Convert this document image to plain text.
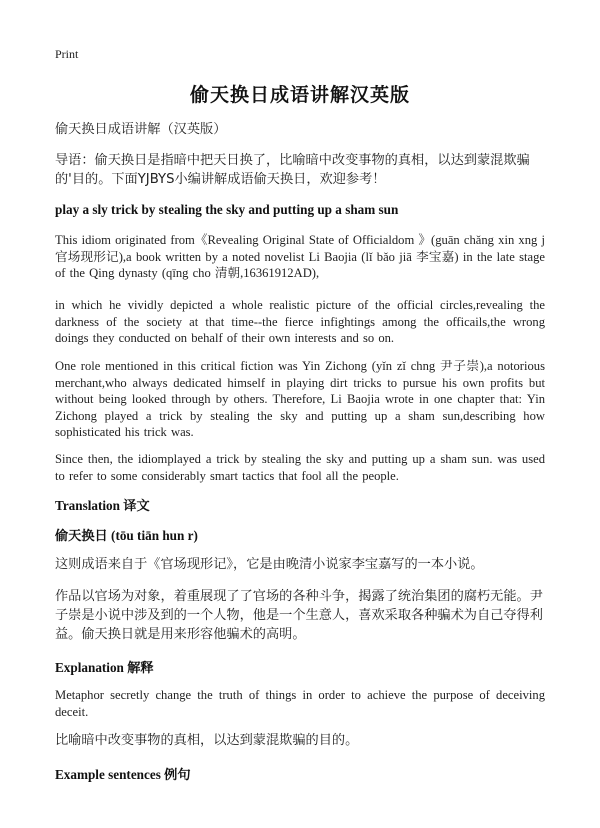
Print
偷天换日成语讲解汉英版

偷天换日成语讲解（汉英版）

导语：偷天换日是指暗中把天日换了，比喻暗中改变事物的真相，以达到蒙混欺骗的'目的。下面YJBYS小编讲解成语偷天换日，欢迎参考！

play a sly trick by stealing the sky and putting up a sham sun

This idiom originated from《Revealing Original State of Officialdom 》(guān chǎng xin xng j官场现形记),a book written by a noted novelist Li Baojia (lǐ bǎo jiā 李宝嘉) in the late stage of the Qing dynasty (qīng cho 清朝,16361912AD),

in which he vividly depicted a whole realistic picture of the official circles,revealing the darkness of the society at that time--the fierce infightings among the officails,the wrong doings they conducted on behalf of their own interests and so on.

One role mentioned in this critical fiction was Yin Zichong (yǐn zǐ chng 尹子崇),a notorious merchant,who always dedicated himself in playing dirt tricks to pursue his own profits but without being looked through by others. Therefore, Li Baojia wrote in one chapter that: Yin Zichong played a trick by stealing the sky and putting up a sham sun,describing how sophisticated his trick was.

Since then, the idiomplayed a trick by stealing the sky and putting up a sham sun. was used to refer to some considerably smart tactics that fool all the people.

Translation 译文

偷天换日 (tōu tiān hun r)

这则成语来自于《官场现形记》，它是由晚清小说家李宝嘉写的一本小说。

作品以官场为对象，着重展现了了官场的各种斗争，揭露了统治集团的腐朽无能。尹子崇是小说中涉及到的一个人物，他是一个生意人，喜欢采取各种骗术为自己夺得利益。偷天换日就是用来形容他骗术的高明。

Explanation 解释

Metaphor secretly change the truth of things in order to achieve the purpose of deceiving deceit.

比喻暗中改变事物的真相，以达到蒙混欺骗的目的。

Example sentences 例句
